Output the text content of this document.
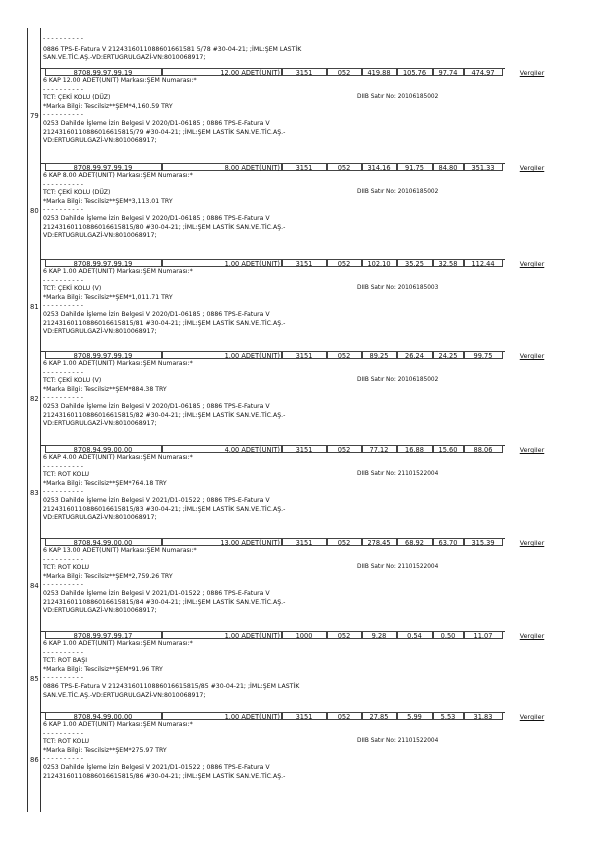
- - - - - - - - - -
0886 TPS-E-Fatura V 2124316011088601661581 5/78 #30-04-21; ;İML:ŞEM LASTİK
SAN.VE.TİC.AŞ.-VD:ERTUGRULGAZİ-VN:8010068917;
8708.99.97.99.19	12.00 ADET(UNIT)	3151	052	419.88	105.76	97.74	474.97	Vergiler
6 KAP 12.00 ADET(UNIT) Markası:ŞEM Numarası:*
- - - - - - - - - -
TCT: ÇEKİ KOLU (DÜZ)
*Marka Bilgi: Tescilsiz**ŞEM*4,160.59 TRY
- - - - - - - - - -
0253 Dahilde İşleme İzin Belgesi V 2020/D1-06185 ; 0886 TPS-E-Fatura V
21243160110886016615815/79 #30-04-21; ;İML:ŞEM LASTİK SAN.VE.TİC.AŞ.-
VD:ERTUGRULGAZİ-VN:8010068917;
79
DIIB Satır No: 20106185002
8708.99.97.99.19	8.00 ADET(UNIT)	3151	052	314.16	91.75	84.80	351.33	Vergiler
6 KAP 8.00 ADET(UNIT) Markası:ŞEM Numarası:*
- - - - - - - - - -
TCT: ÇEKİ KOLU (DÜZ)
*Marka Bilgi: Tescilsiz**ŞEM*3,113.01 TRY
- - - - - - - - - -
0253 Dahilde İşleme İzin Belgesi V 2020/D1-06185 ; 0886 TPS-E-Fatura V
21243160110886016615815/80 #30-04-21; ;İML:ŞEM LASTİK SAN.VE.TİC.AŞ.-
VD:ERTUGRULGAZİ-VN:8010068917;
80
DIIB Satır No: 20106185002
8708.99.97.99.19	1.00 ADET(UNIT)	3151	052	102.10	35.25	32.58	112.44	Vergiler
6 KAP 1.00 ADET(UNIT) Markası:ŞEM Numarası:*
- - - - - - - - - -
TCT: ÇEKİ KOLU (V)
*Marka Bilgi: Tescilsiz**ŞEM*1,011.71 TRY
- - - - - - - - - -
0253 Dahilde İşleme İzin Belgesi V 2020/D1-06185 ; 0886 TPS-E-Fatura V
21243160110886016615815/81 #30-04-21; ;İML:ŞEM LASTİK SAN.VE.TİC.AŞ.-
VD:ERTUGRULGAZİ-VN:8010068917;
81
DIIB Satır No: 20106185003
8708.99.97.99.19	1.00 ADET(UNIT)	3151	052	89.25	26.24	24.25	99.75	Vergiler
6 KAP 1.00 ADET(UNIT) Markası:ŞEM Numarası:*
- - - - - - - - - -
TCT: ÇEKİ KOLU (V)
*Marka Bilgi: Tescilsiz**ŞEM*884.38 TRY
- - - - - - - - - -
0253 Dahilde İşleme İzin Belgesi V 2020/D1-06185 ; 0886 TPS-E-Fatura V
21243160110886016615815/82 #30-04-21; ;İML:ŞEM LASTİK SAN.VE.TİC.AŞ.-
VD:ERTUGRULGAZİ-VN:8010068917;
82
DIIB Satır No: 20106185002
8708.94.99.00.00	4.00 ADET(UNIT)	3151	052	77.12	16.88	15.60	88.06	Vergiler
6 KAP 4.00 ADET(UNIT) Markası:ŞEM Numarası:*
- - - - - - - - - -
TCT: ROT KOLU
*Marka Bilgi: Tescilsiz**ŞEM*764.18 TRY
- - - - - - - - - -
0253 Dahilde İşleme İzin Belgesi V 2021/D1-01522 ; 0886 TPS-E-Fatura V
21243160110886016615815/83 #30-04-21; ;İML:ŞEM LASTİK SAN.VE.TİC.AŞ.-
VD:ERTUGRULGAZİ-VN:8010068917;
83
DIIB Satır No: 21101522004
8708.94.99.00.00	13.00 ADET(UNIT)	3151	052	278.45	68.92	63.70	315.39	Vergiler
6 KAP 13.00 ADET(UNIT) Markası:ŞEM Numarası:*
- - - - - - - - - -
TCT: ROT KOLU
*Marka Bilgi: Tescilsiz**ŞEM*2,759.26 TRY
- - - - - - - - - -
0253 Dahilde İşleme İzin Belgesi V 2021/D1-01522 ; 0886 TPS-E-Fatura V
21243160110886016615815/84 #30-04-21; ;İML:ŞEM LASTİK SAN.VE.TİC.AŞ.-
VD:ERTUGRULGAZİ-VN:8010068917;
84
DIIB Satır No: 21101522004
8708.99.97.99.17	1.00 ADET(UNIT)	1000	052	9.28	0.54	0.50	11.07	Vergiler
6 KAP 1.00 ADET(UNIT) Markası:ŞEM Numarası:*
- - - - - - - - - -
TCT: ROT BAŞI
*Marka Bilgi: Tescilsiz**ŞEM*91.96 TRY
- - - - - - - - - -
0886 TPS-E-Fatura V 21243160110886016615815/85 #30-04-21; ;İML:ŞEM LASTİK
SAN.VE.TİC.AŞ.-VD:ERTUGRULGAZİ-VN:8010068917;
85
8708.94.99.00.00	1.00 ADET(UNIT)	3151	052	27.85	5.99	5.53	31.83	Vergiler
6 KAP 1.00 ADET(UNIT) Markası:ŞEM Numarası:*
- - - - - - - - - -
TCT: ROT KOLU
*Marka Bilgi: Tescilsiz**ŞEM*275.97 TRY
- - - - - - - - - -
0253 Dahilde İşleme İzin Belgesi V 2021/D1-01522 ; 0886 TPS-E-Fatura V
21243160110886016615815/86 #30-04-21; ;İML:ŞEM LASTİK SAN.VE.TİC.AŞ.-
86
DIIB Satır No: 21101522004
